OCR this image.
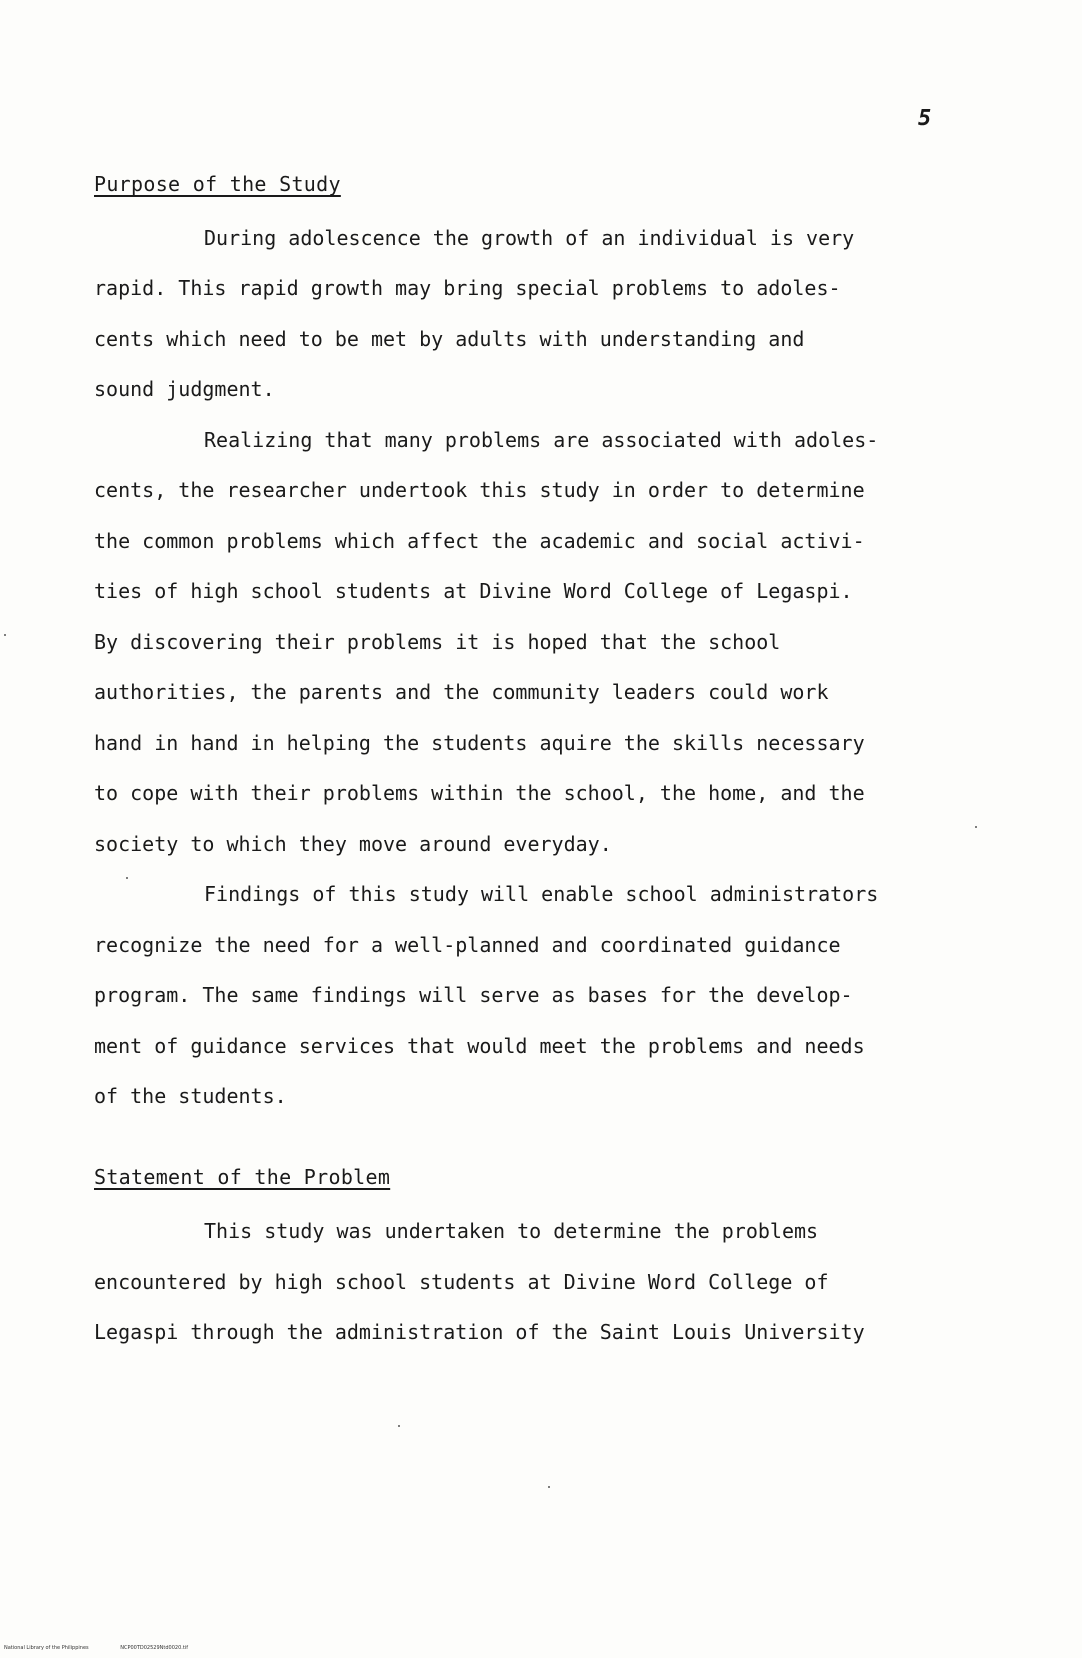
5
Purpose of the Study
During adolescence the growth of an individual is very
rapid. This rapid growth may bring special problems to adoles-
cents which need to be met by adults with understanding and
sound judgment.
Realizing that many problems are associated with adoles-
cents, the researcher undertook this study in order to determine
the common problems which affect the academic and social activi-
ties of high school students at Divine Word College of Legaspi.
By discovering their problems it is hoped that the school
authorities, the parents and the community leaders could work
hand in hand in helping the students aquire the skills necessary
to cope with their problems within the school, the home, and the
society to which they move around everyday.
Findings of this study will enable school administrators
recognize the need for a well-planned and coordinated guidance
program. The same findings will serve as bases for the develop-
ment of guidance services that would meet the problems and needs
of the students.
Statement of the Problem
This study was undertaken to determine the problems
encountered by high school students at Divine Word College of
Legaspi through the administration of the Saint Louis University
National Library of the Philippines	NCP00TD02529Ntd0020.tif
